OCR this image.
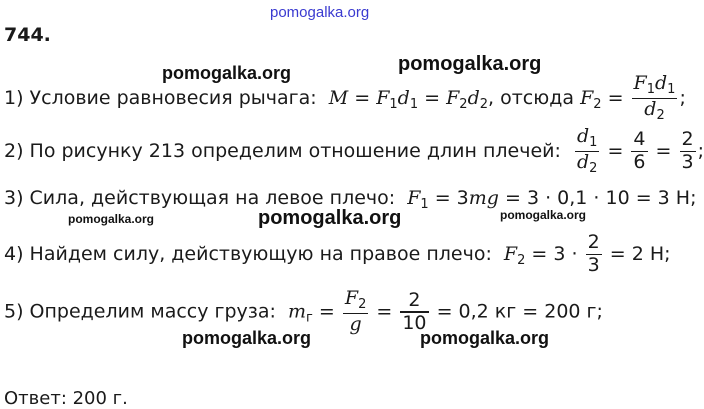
pomogalka.org
744.
pomogalka.org
pomogalka.org
1) Условие равновесия рычага: $M = F_1d_1 = F_2d_2$, отсюда $F_2 = \frac{F_1d_1}{d_2}$ ;
2) По рисунку 213 определим отношение длин плечей: $\frac{d_1}{d_2} = \frac{4}{6} = \frac{2}{3}$ ;
3) Сила, действующая на левое плечо: $F_1 = 3mg = 3 \cdot 0,1 \cdot 10 = 3$ Н;
pomogalka.org	pomogalka.org	pomogalka.org
4) Найдем силу, действующую на правое плечо: $F_2 = 3 \cdot \frac{2}{3} = 2$ Н;
5) Определим массу груза: $m_г = \frac{F_2}{g} = \frac{2}{10} = 0,2$ кг = 200 г;
pomogalka.org	pomogalka.org
Ответ: 200 г.
